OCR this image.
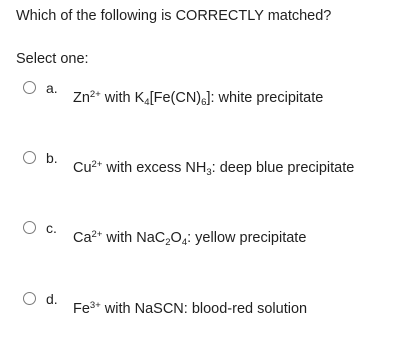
Which of the following is CORRECTLY matched?
Select one:
a.
$Zn^{2+}$ with $K_4[Fe(CN)_6]$: white precipitate
b.
$Cu^{2+}$ with excess $NH_3$: deep blue precipitate
c.
$Ca^{2+}$ with $NaC_2O_4$: yellow precipitate
d.
$Fe^{3+}$ with NaSCN: blood-red solution
